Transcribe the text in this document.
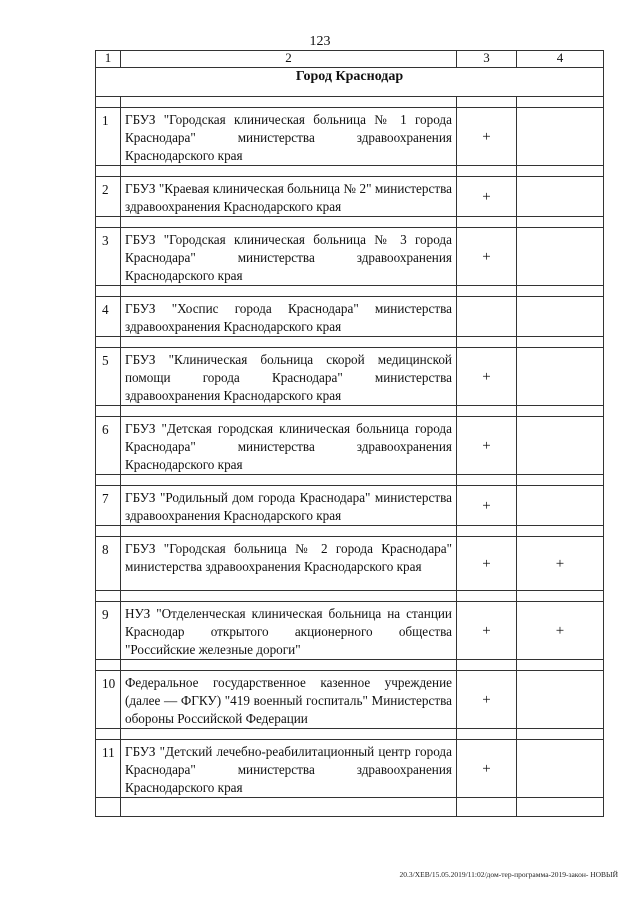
123
1	2	3	4
Город Краснодар			

1	ГБУЗ "Городская клиническая больница № 1 города Краснодара" министерства здравоохранения Краснодарского края	+	

2	ГБУЗ "Краевая клиническая больница № 2" министерства здравоохранения Краснодарского края	+	

3	ГБУЗ "Городская клиническая больница № 3 города Краснодара" министерства здравоохранения Краснодарского края	+	

4	ГБУЗ "Хоспис города Краснодара" министерства здравоохранения Краснодарского края		

5	ГБУЗ "Клиническая больница скорой медицинской помощи города Краснодара" министерства здравоохранения Краснодарского края	+	

6	ГБУЗ "Детская городская клиническая больница города Краснодара" министерства здравоохранения Краснодарского края	+	

7	ГБУЗ "Родильный дом города Краснодара" министерства здравоохранения Краснодарского края	+	

8	ГБУЗ "Городская больница № 2 города Краснодара" министерства здравоохранения Краснодарского края	+	+

9	НУЗ "Отделенческая клиническая больница на станции Краснодар открытого акционерного общества "Российские железные дороги"	+	+

10	Федеральное государственное казенное учреждение (далее — ФГКУ) "419 военный госпиталь" Министерства обороны Российской Федерации	+	

11	ГБУЗ "Детский лечебно-реабилитационный центр города Краснодара" министерства здравоохранения Краснодарского края	+	

20.3/ХЕВ/15.05.2019/11:02/дом-тер-программа-2019-закон- НОВЫЙ
